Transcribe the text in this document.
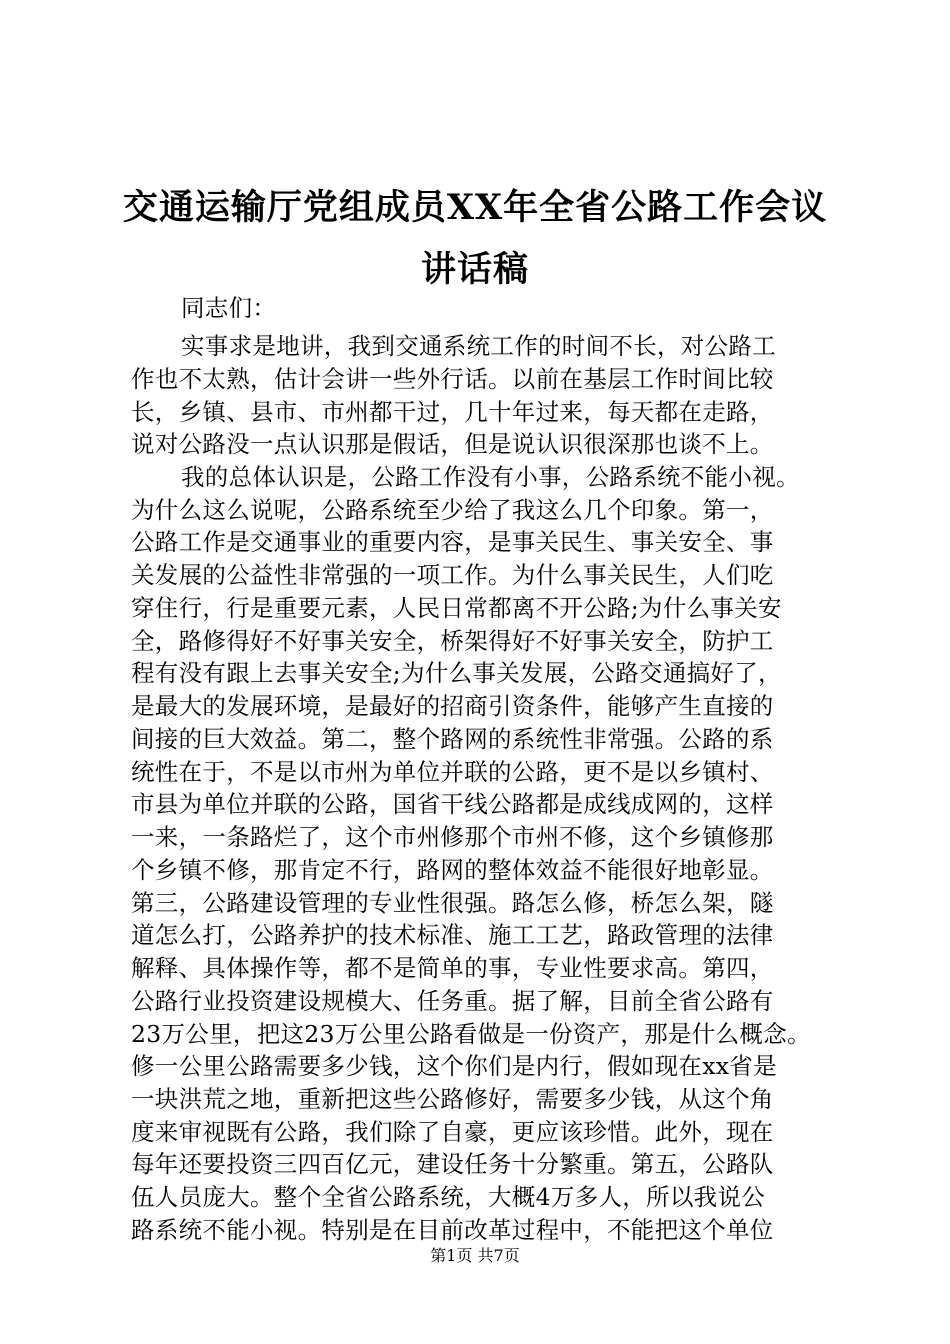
交通运输厅党组成员XX年全省公路工作会议
讲话稿
同志们：
实事求是地讲，我到交通系统工作的时间不长，对公路工
作也不太熟，估计会讲一些外行话。以前在基层工作时间比较
长，乡镇、县市、市州都干过，几十年过来，每天都在走路，
说对公路没一点认识那是假话，但是说认识很深那也谈不上。
我的总体认识是，公路工作没有小事，公路系统不能小视。
为什么这么说呢，公路系统至少给了我这么几个印象。第一，
公路工作是交通事业的重要内容，是事关民生、事关安全、事
关发展的公益性非常强的一项工作。为什么事关民生，人们吃
穿住行，行是重要元素，人民日常都离不开公路;为什么事关安
全，路修得好不好事关安全，桥架得好不好事关安全，防护工
程有没有跟上去事关安全;为什么事关发展，公路交通搞好了，
是最大的发展环境，是最好的招商引资条件，能够产生直接的
间接的巨大效益。第二，整个路网的系统性非常强。公路的系
统性在于，不是以市州为单位并联的公路，更不是以乡镇村、
市县为单位并联的公路，国省干线公路都是成线成网的，这样
一来，一条路烂了，这个市州修那个市州不修，这个乡镇修那
个乡镇不修，那肯定不行，路网的整体效益不能很好地彰显。
第三，公路建设管理的专业性很强。路怎么修，桥怎么架，隧
道怎么打，公路养护的技术标准、施工工艺，路政管理的法律
解释、具体操作等，都不是简单的事，专业性要求高。第四，
公路行业投资建设规模大、任务重。据了解，目前全省公路有
23万公里，把这23万公里公路看做是一份资产，那是什么概念。
修一公里公路需要多少钱，这个你们是内行，假如现在xx省是
一块洪荒之地，重新把这些公路修好，需要多少钱，从这个角
度来审视既有公路，我们除了自豪，更应该珍惜。此外，现在
每年还要投资三四百亿元，建设任务十分繁重。第五，公路队
伍人员庞大。整个全省公路系统，大概4万多人，所以我说公
路系统不能小视。特别是在目前改革过程中，不能把这个单位
第1页 共7页
